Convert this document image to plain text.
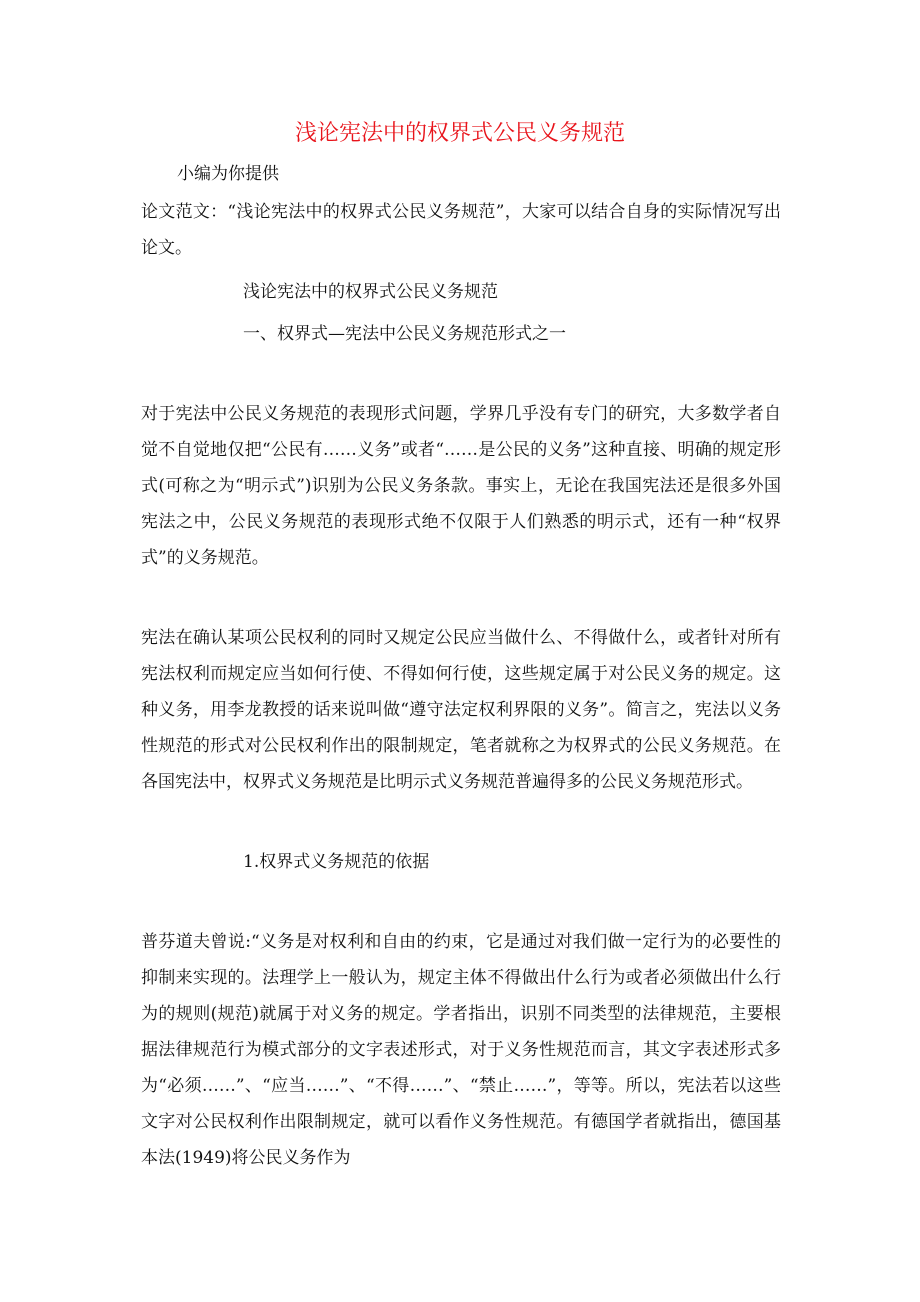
浅论宪法中的权界式公民义务规范
小编为你提供
论文范文：“浅论宪法中的权界式公民义务规范”，大家可以结合自身的实际情况写出论文。
浅论宪法中的权界式公民义务规范
一、权界式—宪法中公民义务规范形式之一
对于宪法中公民义务规范的表现形式问题，学界几乎没有专门的研究，大多数学者自觉不自觉地仅把“公民有……义务”或者“……是公民的义务”这种直接、明确的规定形式(可称之为“明示式”)识别为公民义务条款。事实上，无论在我国宪法还是很多外国宪法之中，公民义务规范的表现形式绝不仅限于人们熟悉的明示式，还有一种“权界式”的义务规范。
宪法在确认某项公民权利的同时又规定公民应当做什么、不得做什么，或者针对所有宪法权利而规定应当如何行使、不得如何行使，这些规定属于对公民义务的规定。这种义务，用李龙教授的话来说叫做“遵守法定权利界限的义务”。简言之，宪法以义务性规范的形式对公民权利作出的限制规定，笔者就称之为权界式的公民义务规范。在各国宪法中，权界式义务规范是比明示式义务规范普遍得多的公民义务规范形式。
1.权界式义务规范的依据
普芬道夫曾说:“义务是对权利和自由的约束，它是通过对我们做一定行为的必要性的抑制来实现的。法理学上一般认为，规定主体不得做出什么行为或者必须做出什么行为的规则(规范)就属于对义务的规定。学者指出，识别不同类型的法律规范，主要根据法律规范行为模式部分的文字表述形式，对于义务性规范而言，其文字表述形式多为“必须……”、“应当……”、“不得……”、“禁止……”，等等。所以，宪法若以这些文字对公民权利作出限制规定，就可以看作义务性规范。有德国学者就指出，德国基本法(1949)将公民义务作为
